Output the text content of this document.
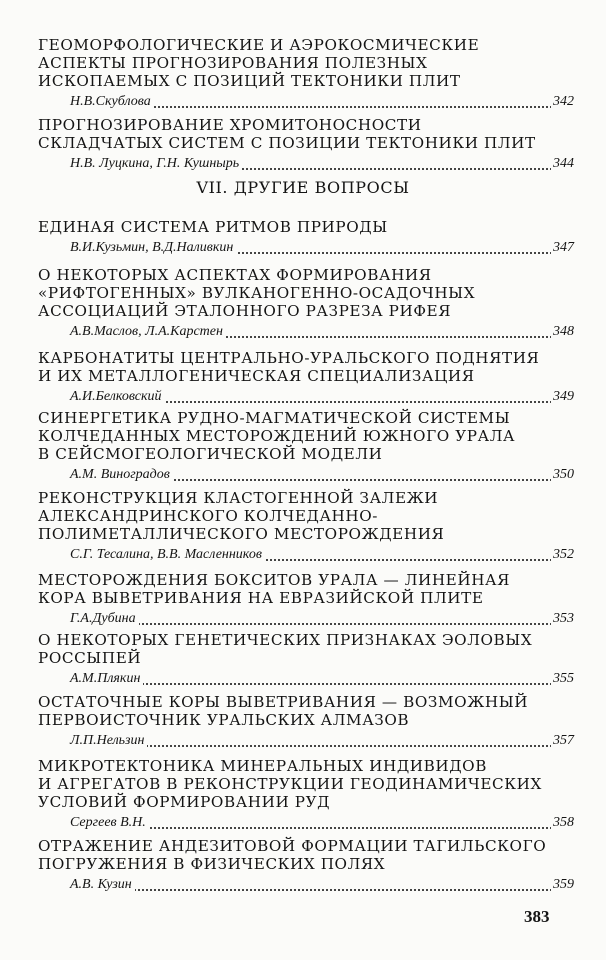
ГЕОМОРФОЛОГИЧЕСКИЕ И АЭРОКОСМИЧЕСКИЕ
АСПЕКТЫ ПРОГНОЗИРОВАНИЯ ПОЛЕЗНЫХ
ИСКОПАЕМЫХ С ПОЗИЦИЙ ТЕКТОНИКИ ПЛИТ
Н.В.Скублова	342
ПРОГНОЗИРОВАНИЕ ХРОМИТОНОСНОСТИ
СКЛАДЧАТЫХ СИСТЕМ С ПОЗИЦИИ ТЕКТОНИКИ ПЛИТ
Н.В. Луцкина, Г.Н. Кушнырь	344
VII. ДРУГИЕ ВОПРОСЫ
ЕДИНАЯ СИСТЕМА РИТМОВ ПРИРОДЫ
В.И.Кузьмин, В.Д.Наливкин	347
О НЕКОТОРЫХ АСПЕКТАХ ФОРМИРОВАНИЯ
«РИФТОГЕННЫХ» ВУЛКАНОГЕННО-ОСАДОЧНЫХ
АССОЦИАЦИЙ ЭТАЛОННОГО РАЗРЕЗА РИФЕЯ
А.В.Маслов, Л.А.Карстен	348
КАРБОНАТИТЫ ЦЕНТРАЛЬНО-УРАЛЬСКОГО ПОДНЯТИЯ
И ИХ МЕТАЛЛОГЕНИЧЕСКАЯ СПЕЦИАЛИЗАЦИЯ
А.И.Белковский	349
СИНЕРГЕТИКА РУДНО-МАГМАТИЧЕСКОЙ СИСТЕМЫ
КОЛЧЕДАННЫХ МЕСТОРОЖДЕНИЙ ЮЖНОГО УРАЛА
В СЕЙСМОГЕОЛОГИЧЕСКОЙ МОДЕЛИ
А.М. Виноградов	350
РЕКОНСТРУКЦИЯ КЛАСТОГЕННОЙ ЗАЛЕЖИ
АЛЕКСАНДРИНСКОГО КОЛЧЕДАННО-
ПОЛИМЕТАЛЛИЧЕСКОГО МЕСТОРОЖДЕНИЯ
С.Г. Тесалина, В.В. Масленников	352
МЕСТОРОЖДЕНИЯ БОКСИТОВ УРАЛА — ЛИНЕЙНАЯ
КОРА ВЫВЕТРИВАНИЯ НА ЕВРАЗИЙСКОЙ ПЛИТЕ
Г.А.Дубина	353
О НЕКОТОРЫХ ГЕНЕТИЧЕСКИХ ПРИЗНАКАХ ЭОЛОВЫХ
РОССЫПЕЙ
А.М.Плякин	355
ОСТАТОЧНЫЕ КОРЫ ВЫВЕТРИВАНИЯ — ВОЗМОЖНЫЙ
ПЕРВОИСТОЧНИК УРАЛЬСКИХ АЛМАЗОВ
Л.П.Нельзин	357
МИКРОТЕКТОНИКА МИНЕРАЛЬНЫХ ИНДИВИДОВ
И АГРЕГАТОВ В РЕКОНСТРУКЦИИ ГЕОДИНАМИЧЕСКИХ
УСЛОВИЙ ФОРМИРОВАНИИ РУД
Сергеев В.Н.	358
ОТРАЖЕНИЕ АНДЕЗИТОВОЙ ФОРМАЦИИ ТАГИЛЬСКОГО
ПОГРУЖЕНИЯ В ФИЗИЧЕСКИХ ПОЛЯХ
А.В. Кузин	359
383
